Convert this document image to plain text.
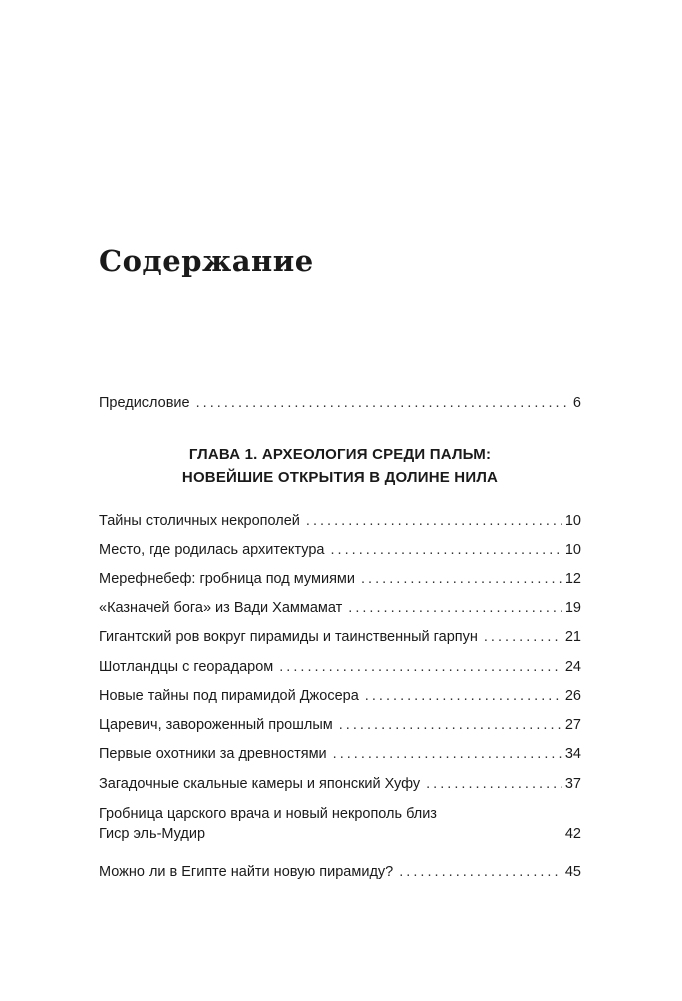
Содержание
Предисловие . . .	6
ГЛАВА 1. АРХЕОЛОГИЯ СРЕДИ ПАЛЬМ:
НОВЕЙШИЕ ОТКРЫТИЯ В ДОЛИНЕ НИЛА
Тайны столичных некрополей . . .	10
Место, где родилась архитектура . . .	10
Мерефнебеф: гробница под мумиями . . .	12
«Казначей бога» из Вади Хаммамат . . .	19
Гигантский ров вокруг пирамиды и таинственный гарпун . . .	21
Шотландцы с георадаром . . .	24
Новые тайны под пирамидой Джосера . . .	26
Царевич, завороженный прошлым . . .	27
Первые охотники за древностями . . .	34
Загадочные скальные камеры и японский Хуфу . . .	37
Гробница царского врача и новый некрополь близ
Гиср эль-Мудир	42
Можно ли в Египте найти новую пирамиду? . . .	45
